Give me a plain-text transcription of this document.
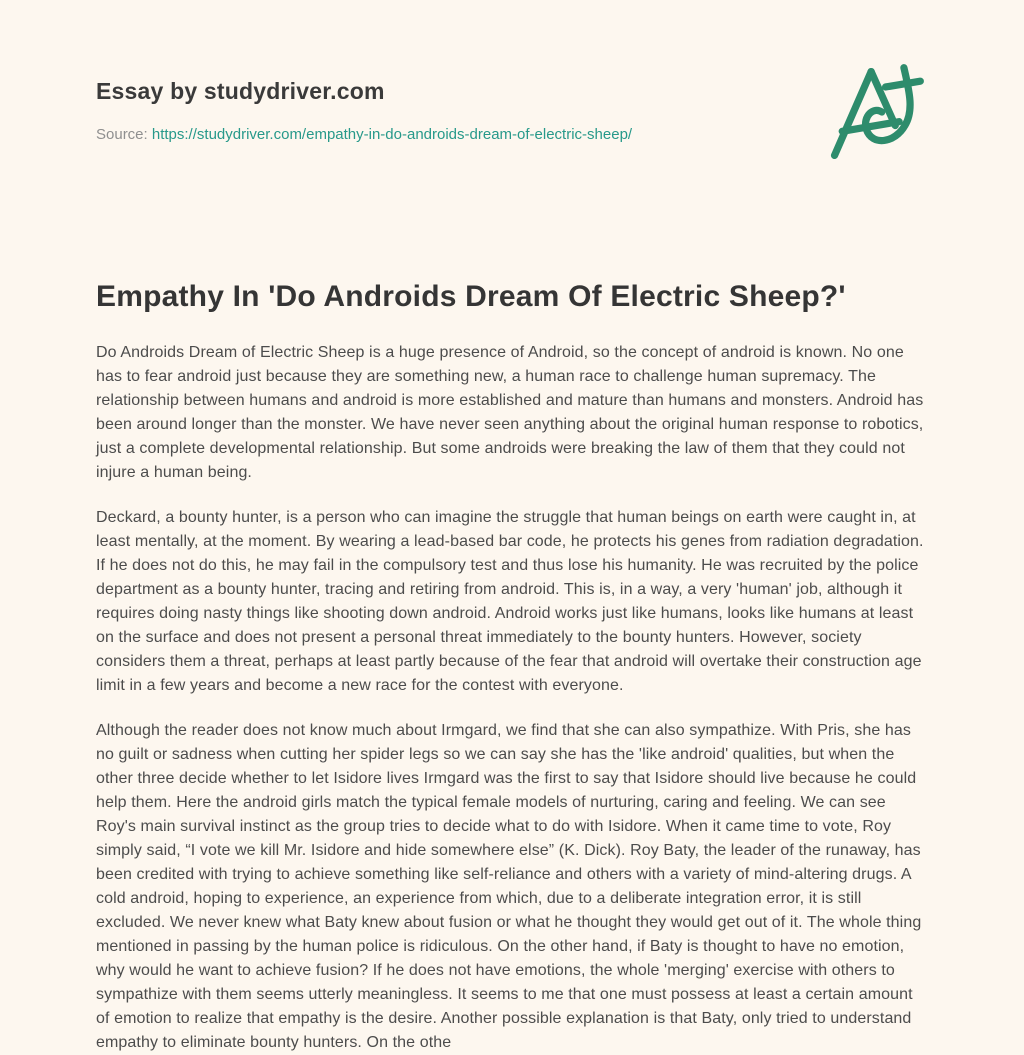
Essay by studydriver.com
Source: https://studydriver.com/empathy-in-do-androids-dream-of-electric-sheep/
Empathy In 'Do Androids Dream Of Electric Sheep?'

Do Androids Dream of Electric Sheep is a huge presence of Android, so the concept of android is known. No one has to fear android just because they are something new, a human race to challenge human supremacy. The relationship between humans and android is more established and mature than humans and monsters. Android has been around longer than the monster. We have never seen anything about the original human response to robotics, just a complete developmental relationship. But some androids were breaking the law of them that they could not injure a human being.

Deckard, a bounty hunter, is a person who can imagine the struggle that human beings on earth were caught in, at least mentally, at the moment. By wearing a lead-based bar code, he protects his genes from radiation degradation. If he does not do this, he may fail in the compulsory test and thus lose his humanity. He was recruited by the police department as a bounty hunter, tracing and retiring from android. This is, in a way, a very 'human' job, although it requires doing nasty things like shooting down android. Android works just like humans, looks like humans at least on the surface and does not present a personal threat immediately to the bounty hunters. However, society considers them a threat, perhaps at least partly because of the fear that android will overtake their construction age limit in a few years and become a new race for the contest with everyone.

Although the reader does not know much about Irmgard, we find that she can also sympathize. With Pris, she has no guilt or sadness when cutting her spider legs so we can say she has the 'like android' qualities, but when the other three decide whether to let Isidore lives Irmgard was the first to say that Isidore should live because he could help them. Here the android girls match the typical female models of nurturing, caring and feeling. We can see Roy's main survival instinct as the group tries to decide what to do with Isidore. When it came time to vote, Roy simply said, “I vote we kill Mr. Isidore and hide somewhere else” (K. Dick). Roy Baty, the leader of the runaway, has been credited with trying to achieve something like self-reliance and others with a variety of mind-altering drugs. A cold android, hoping to experience, an experience from which, due to a deliberate integration error, it is still excluded. We never knew what Baty knew about fusion or what he thought they would get out of it. The whole thing mentioned in passing by the human police is ridiculous. On the other hand, if Baty is thought to have no emotion, why would he want to achieve fusion? If he does not have emotions, the whole 'merging' exercise with others to sympathize with them seems utterly meaningless. It seems to me that one must possess at least a certain amount of emotion to realize that empathy is the desire. Another possible explanation is that Baty, only tried to understand empathy to eliminate bounty hunters. On the othe
